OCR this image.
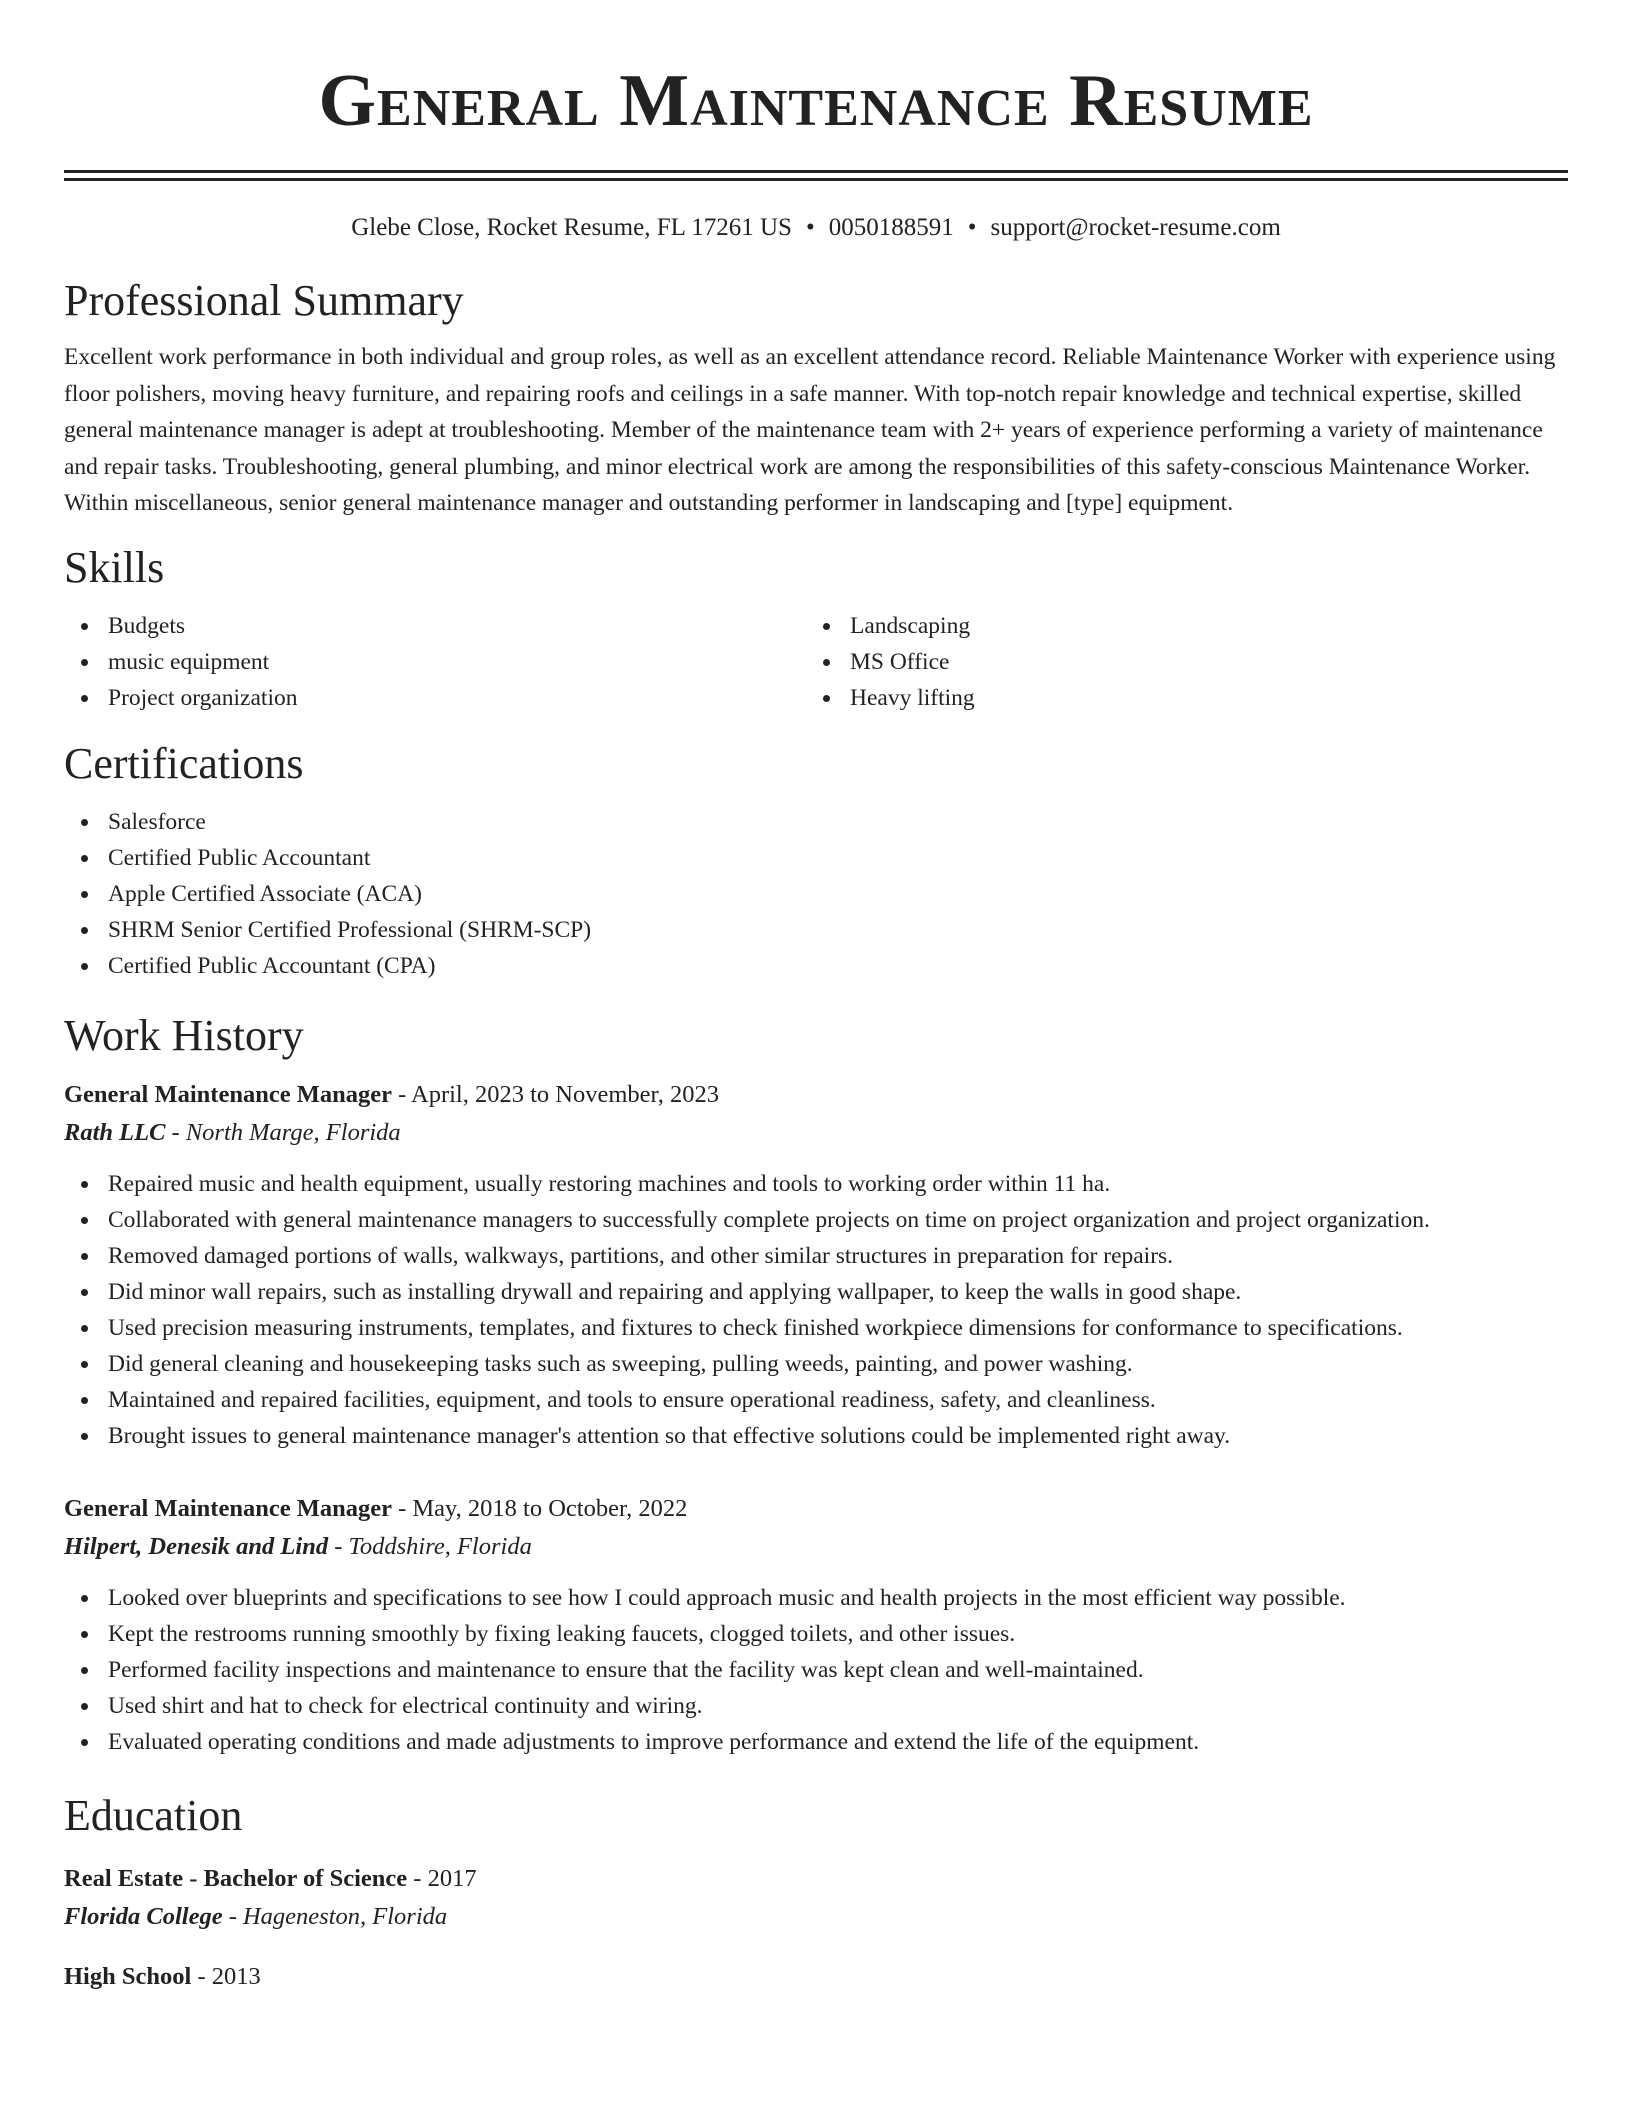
General Maintenance Resume
Glebe Close, Rocket Resume, FL 17261 US • 0050188591 • support@rocket-resume.com
Professional Summary

Excellent work performance in both individual and group roles, as well as an excellent attendance record. Reliable Maintenance Worker with experience using floor polishers, moving heavy furniture, and repairing roofs and ceilings in a safe manner. With top-notch repair knowledge and technical expertise, skilled general maintenance manager is adept at troubleshooting. Member of the maintenance team with 2+ years of experience performing a variety of maintenance and repair tasks. Troubleshooting, general plumbing, and minor electrical work are among the responsibilities of this safety-conscious Maintenance Worker. Within miscellaneous, senior general maintenance manager and outstanding performer in landscaping and [type] equipment.

Skills
Budgets
music equipment
Project organization
Landscaping
MS Office
Heavy lifting
Certifications
Salesforce
Certified Public Accountant
Apple Certified Associate (ACA)
SHRM Senior Certified Professional (SHRM-SCP)
Certified Public Accountant (CPA)
Work History
General Maintenance Manager - April, 2023 to November, 2023
Rath LLC - North Marge, Florida
Repaired music and health equipment, usually restoring machines and tools to working order within 11 ha.
Collaborated with general maintenance managers to successfully complete projects on time on project organization and project organization.
Removed damaged portions of walls, walkways, partitions, and other similar structures in preparation for repairs.
Did minor wall repairs, such as installing drywall and repairing and applying wallpaper, to keep the walls in good shape.
Used precision measuring instruments, templates, and fixtures to check finished workpiece dimensions for conformance to specifications.
Did general cleaning and housekeeping tasks such as sweeping, pulling weeds, painting, and power washing.
Maintained and repaired facilities, equipment, and tools to ensure operational readiness, safety, and cleanliness.
Brought issues to general maintenance manager's attention so that effective solutions could be implemented right away.
General Maintenance Manager - May, 2018 to October, 2022
Hilpert, Denesik and Lind - Toddshire, Florida
Looked over blueprints and specifications to see how I could approach music and health projects in the most efficient way possible.
Kept the restrooms running smoothly by fixing leaking faucets, clogged toilets, and other issues.
Performed facility inspections and maintenance to ensure that the facility was kept clean and well-maintained.
Used shirt and hat to check for electrical continuity and wiring.
Evaluated operating conditions and made adjustments to improve performance and extend the life of the equipment.
Education
Real Estate - Bachelor of Science - 2017
Florida College - Hageneston, Florida
High School - 2013
